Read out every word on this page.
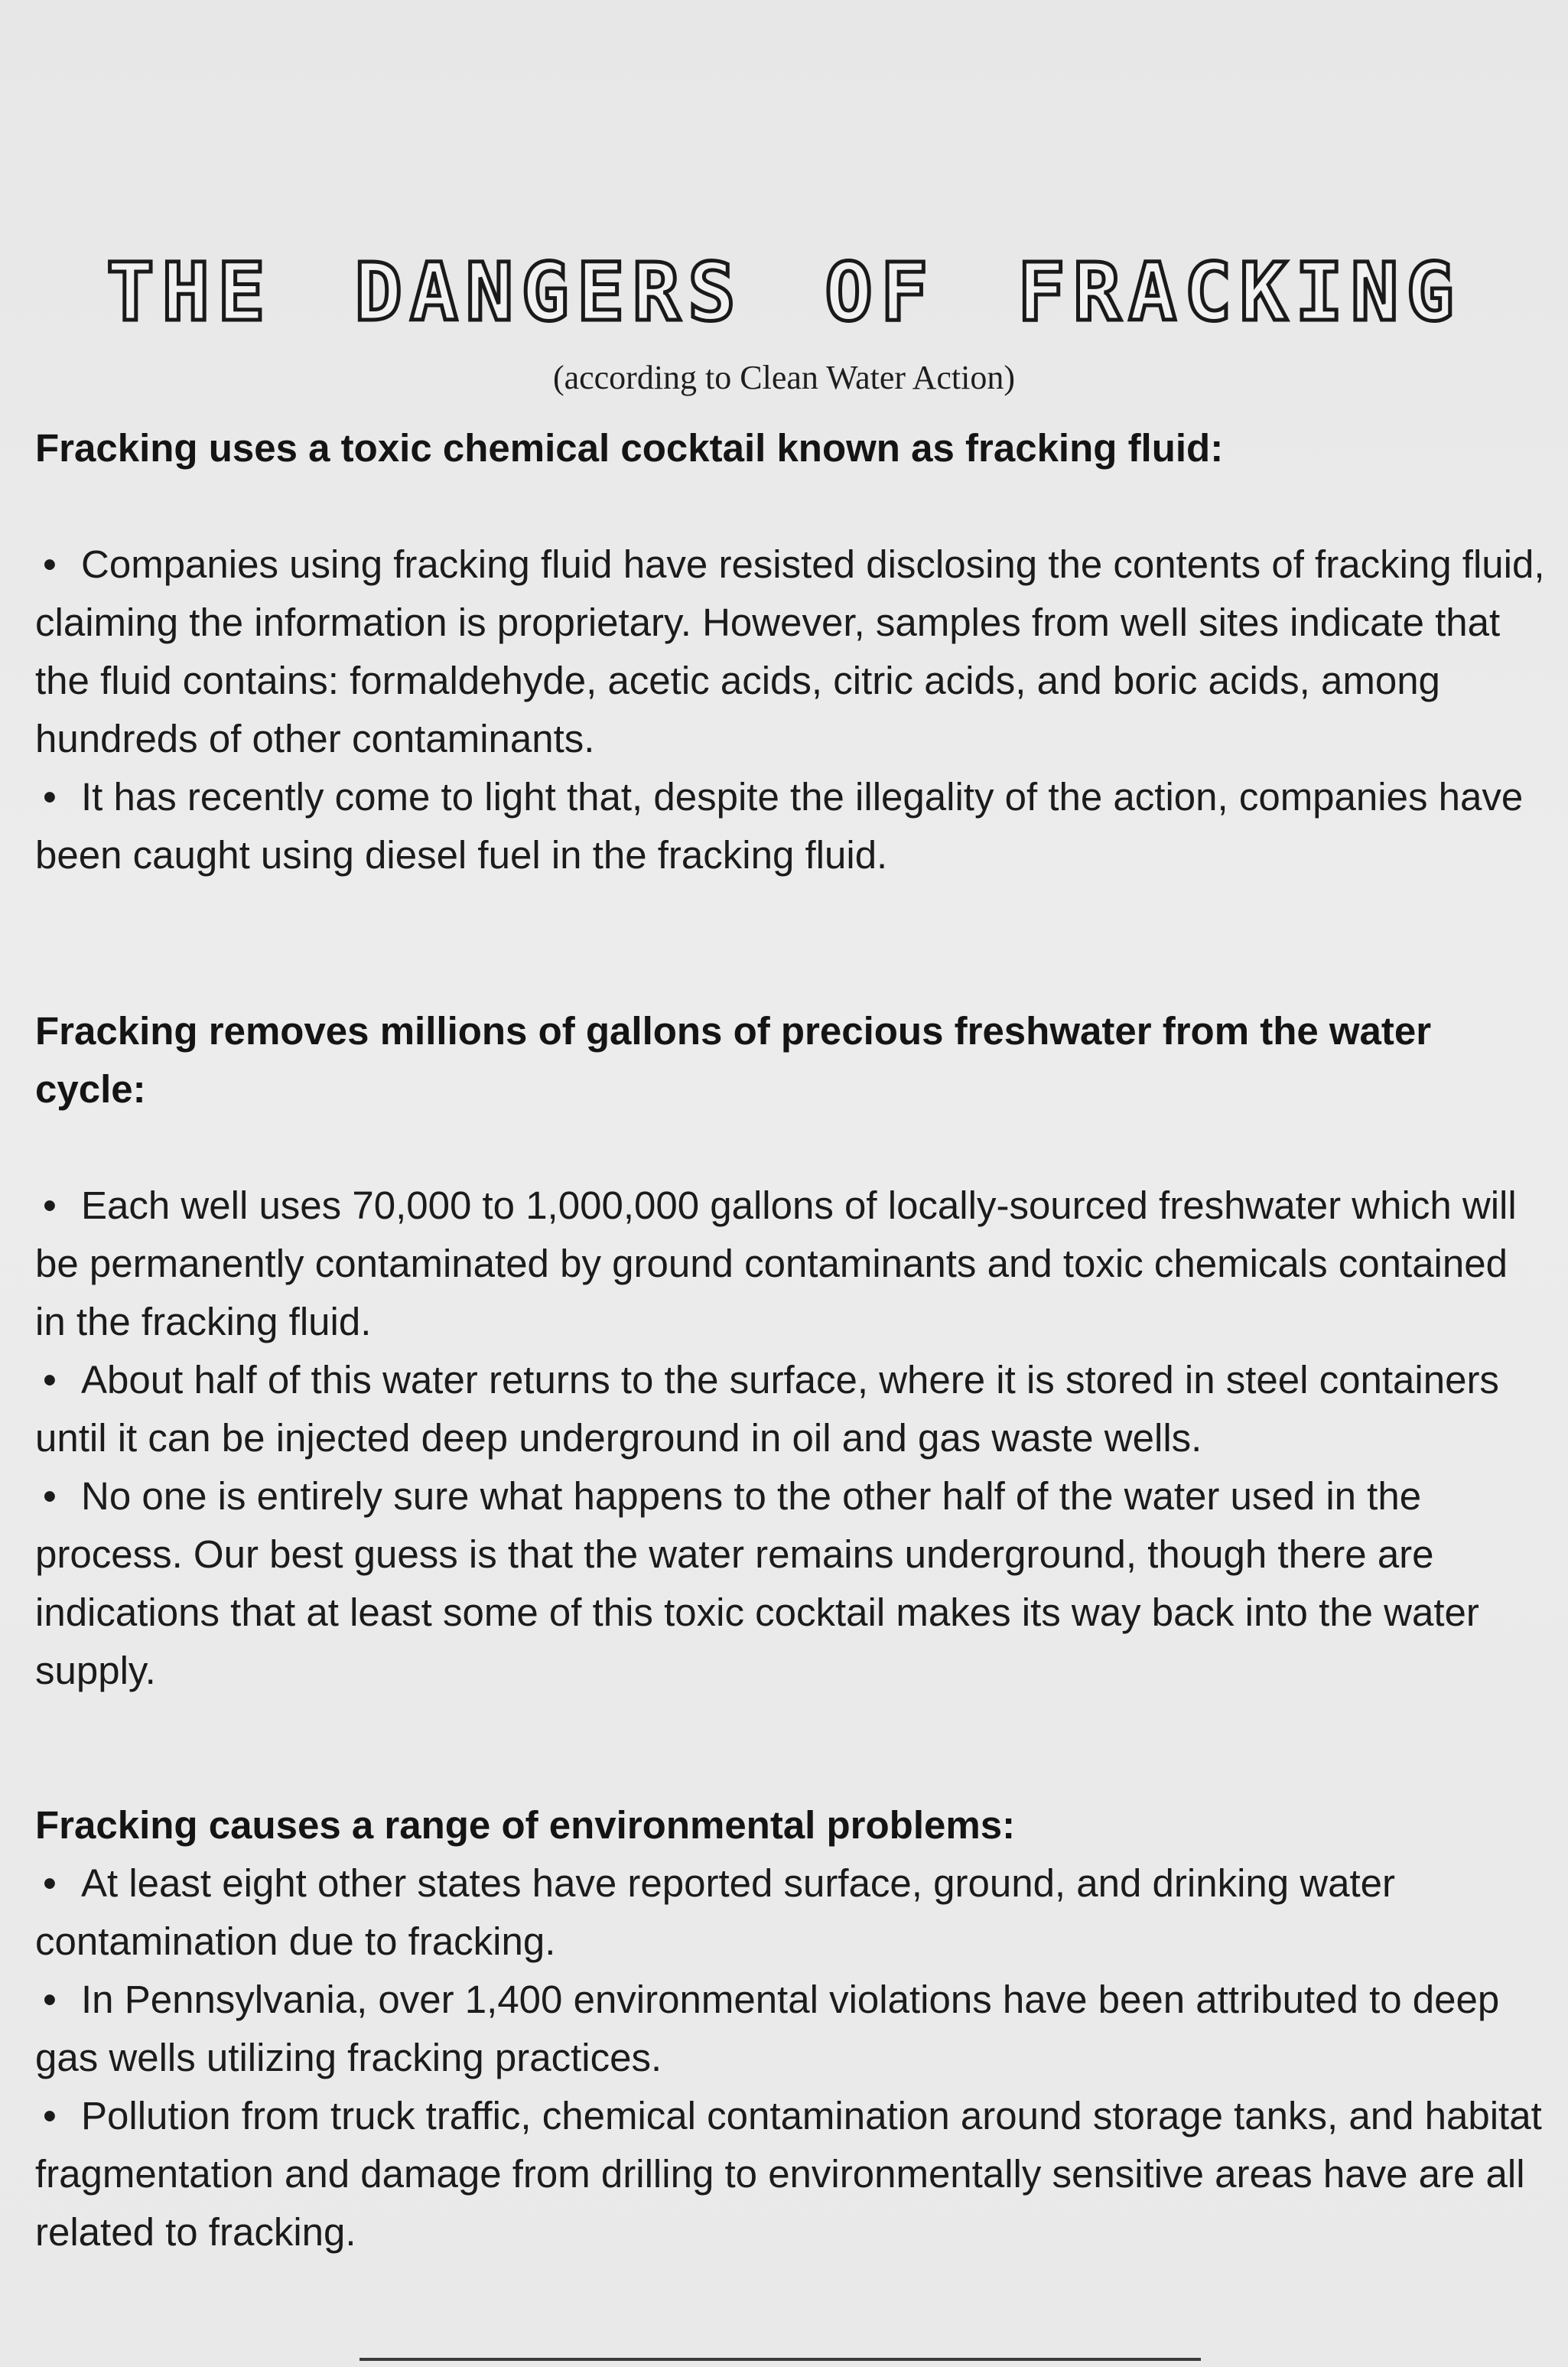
THE DANGERS OF FRACKING
(according to Clean Water Action)

Fracking uses a toxic chemical cocktail known as fracking fluid:

• Companies using fracking fluid have resisted disclosing the contents of fracking fluid, claiming the information is proprietary. However, samples from well sites indicate that the fluid contains: formaldehyde, acetic acids, citric acids, and boric acids, among hundreds of other contaminants.
• It has recently come to light that, despite the illegality of the action, companies have been caught using diesel fuel in the fracking fluid.

Fracking removes millions of gallons of precious freshwater from the water cycle:

• Each well uses 70,000 to 1,000,000 gallons of locally-sourced freshwater which will be permanently contaminated by ground contaminants and toxic chemicals contained in the fracking fluid.
• About half of this water returns to the surface, where it is stored in steel containers until it can be injected deep underground in oil and gas waste wells.
• No one is entirely sure what happens to the other half of the water used in the process. Our best guess is that the water remains underground, though there are indications that at least some of this toxic cocktail makes its way back into the water supply.

Fracking causes a range of environmental problems:

• At least eight other states have reported surface, ground, and drinking water contamination due to fracking.
• In Pennsylvania, over 1,400 environmental violations have been attributed to deep gas wells utilizing fracking practices.
• Pollution from truck traffic, chemical contamination around storage tanks, and habitat fragmentation and damage from drilling to environmentally sensitive areas have are all related to fracking.
